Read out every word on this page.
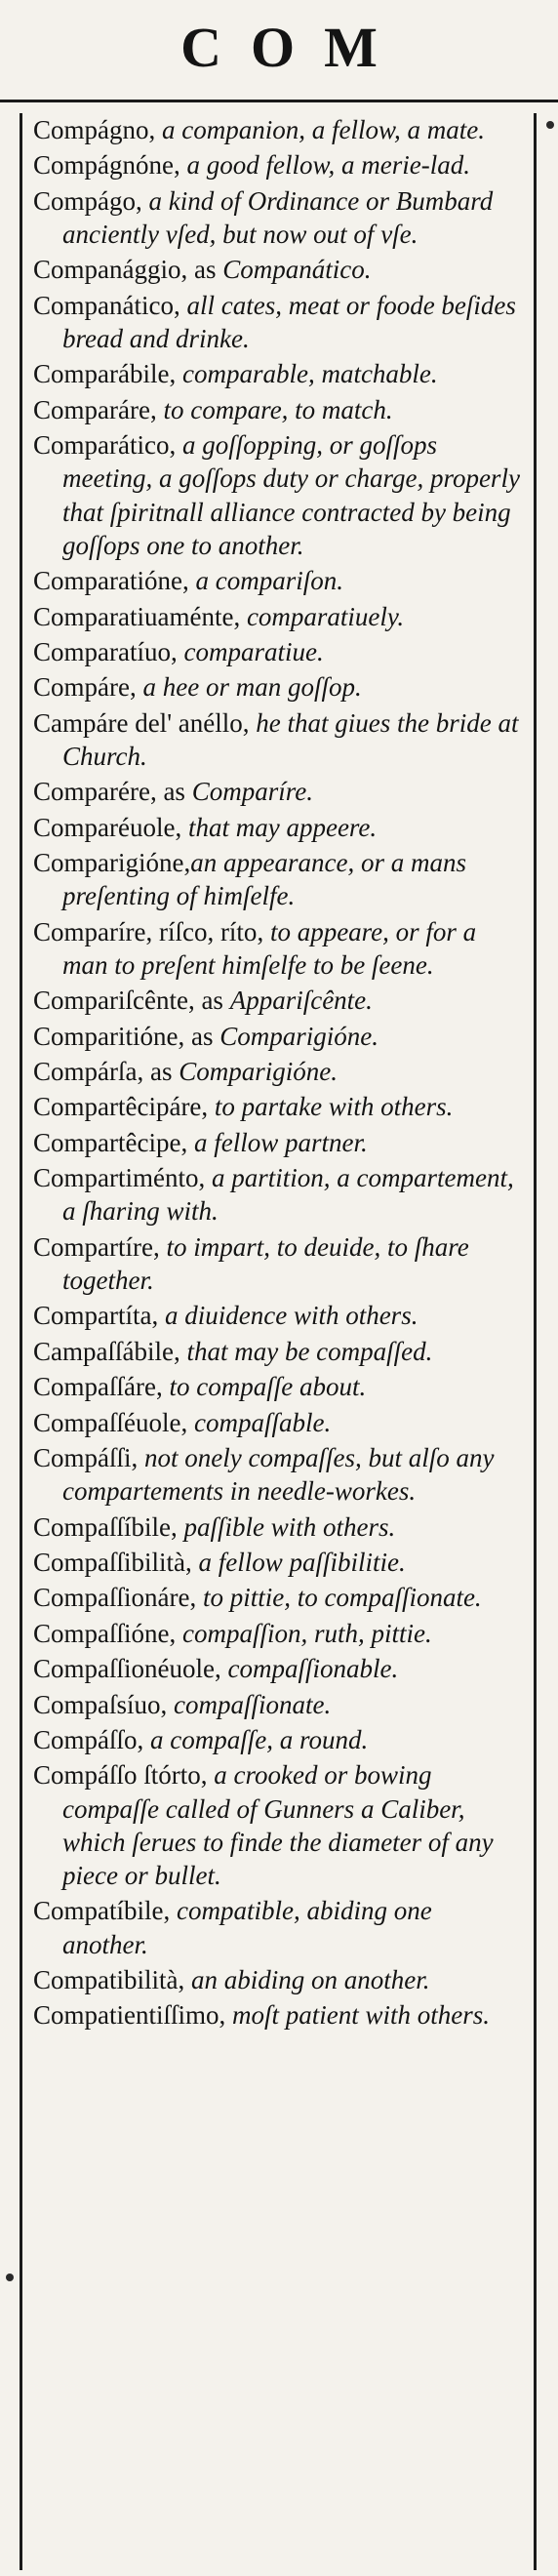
COM
Compágno, a companion, a fellow, a mate.
Compágnóne, a good fellow, a merie-lad.
Compágo, a kind of Ordinance or Bumbard anciently vſed, but now out of vſe.
Companággio, as Companático.
Companático, all cates, meat or foode beſides bread and drinke.
Comparábile, comparable, matchable.
Comparáre, to compare, to match.
Comparático, a goſſopping, or goſſops meeting, a goſſops duty or charge, properly that ſpiritnall alliance contracted by being goſſops one to another.
Comparatióne, a compariſon.
Comparatiuaménte, comparatiuely.
Comparatíuo, comparatiue.
Compáre, a hee or man goſſop.
Campáre del' anéllo, he that giues the bride at Church.
Comparére, as Comparíre.
Comparéuole, that may appeere.
Comparigióne,an appearance, or a mans preſenting of himſelfe.
Comparíre, ríſco, ríto, to appeare, or for a man to preſent himſelfe to be ſeene.
Compariſcênte, as Appariſcênte.
Comparitióne, as Comparigióne.
Compárſa, as Comparigióne.
Compartêcipáre, to partake with others.
Compartêcipe, a fellow partner.
Compartiménto, a partition, a compartement, a ſharing with.
Compartíre, to impart, to deuide, to ſhare together.
Compartíta, a diuidence with others.
Campaſſábile, that may be compaſſed.
Compaſſáre, to compaſſe about.
Compaſſéuole, compaſſable.
Compáſſi, not onely compaſſes, but alſo any compartements in needle-workes.
Compaſſíbile, paſſible with others.
Compaſſibilità, a fellow paſſibilitie.
Compaſſionáre, to pittie, to compaſſionate.
Compaſſióne, compaſſion, ruth, pittie.
Compaſſionéuole, compaſſionable.
Compaſsíuo, compaſſionate.
Compáſſo, a compaſſe, a round.
Compáſſo ſtórto, a crooked or bowing compaſſe called of Gunners a Caliber, which ſerues to finde the diameter of any piece or bullet.
Compatíbile, compatible, abiding one another.
Compatibilità, an abiding on another.
Compatientiſſimo, moſt patient with others.
